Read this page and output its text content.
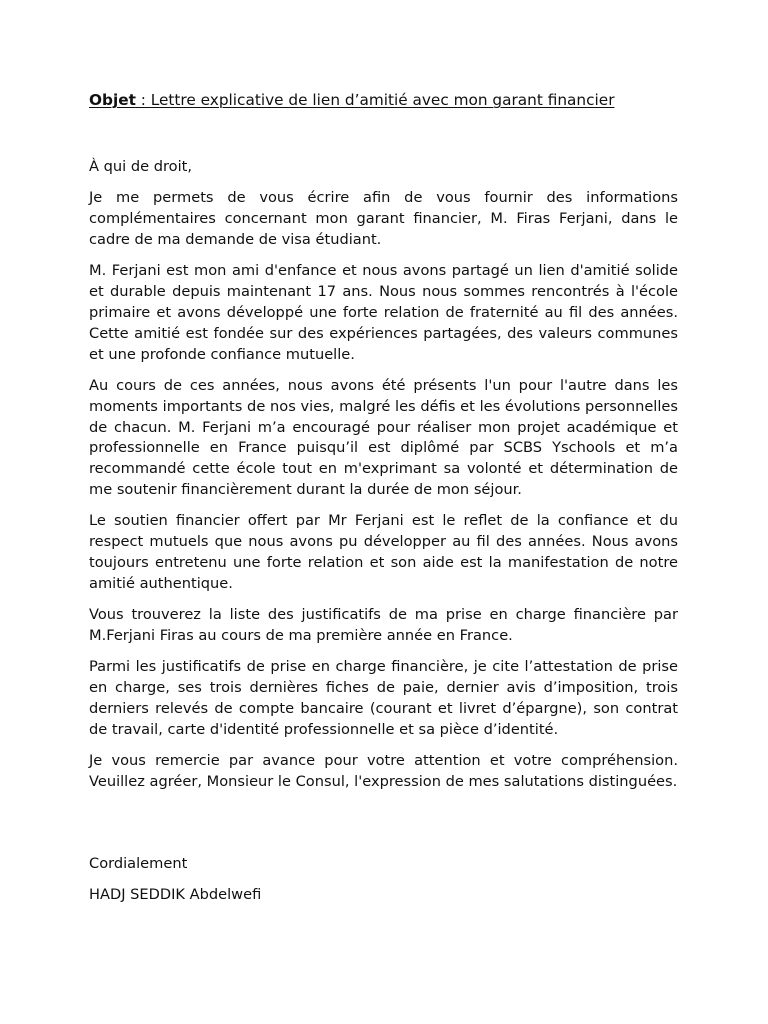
Objet : Lettre explicative de lien d’amitié avec mon garant financier

À qui de droit,

Je me permets de vous écrire afin de vous fournir des informations complémentaires concernant mon garant financier, M. Firas Ferjani, dans le cadre de ma demande de visa étudiant.

M. Ferjani est mon ami d'enfance et nous avons partagé un lien d'amitié solide et durable depuis maintenant 17 ans. Nous nous sommes rencontrés à l'école primaire et avons développé une forte relation de fraternité au fil des années. Cette amitié est fondée sur des expériences partagées, des valeurs communes et une profonde confiance mutuelle.

Au cours de ces années, nous avons été présents l'un pour l'autre dans les moments importants de nos vies, malgré les défis et les évolutions personnelles de chacun. M. Ferjani m’a encouragé pour réaliser mon projet académique et professionnelle en France puisqu’il est diplômé par SCBS Yschools et m’a recommandé cette école tout en m'exprimant sa volonté et détermination de me soutenir financièrement durant la durée de mon séjour.

Le soutien financier offert par Mr Ferjani est le reflet de la confiance et du respect mutuels que nous avons pu développer au fil des années. Nous avons toujours entretenu une forte relation et son aide est la manifestation de notre amitié authentique.

Vous trouverez la liste des justificatifs de ma prise en charge financière par M.Ferjani Firas au cours de ma première année en France.

Parmi les justificatifs de prise en charge financière, je cite l’attestation de prise en charge, ses trois dernières fiches de paie, dernier avis d’imposition, trois derniers relevés de compte bancaire (courant et livret d’épargne), son contrat de travail, carte d'identité professionnelle et sa pièce d’identité.

Je vous remercie par avance pour votre attention et votre compréhension. Veuillez agréer, Monsieur le Consul, l'expression de mes salutations distinguées.

Cordialement

HADJ SEDDIK Abdelwefi
